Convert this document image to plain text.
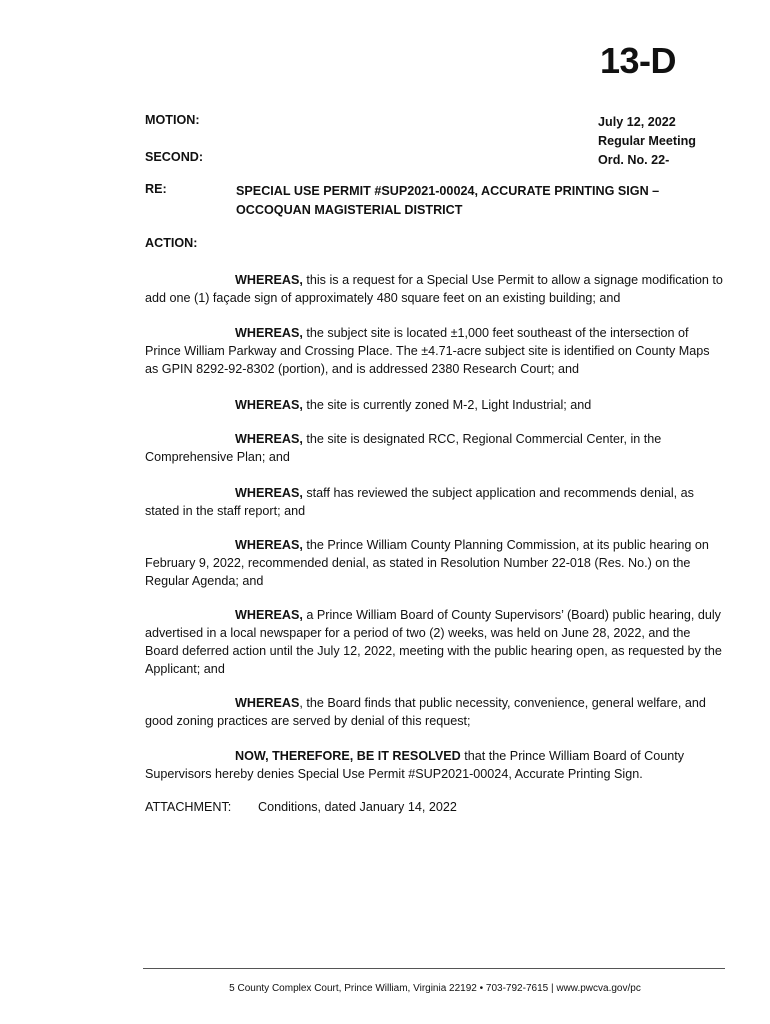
13-D
MOTION:
SECOND:
July 12, 2022
Regular Meeting
Ord. No. 22-
RE:	SPECIAL USE PERMIT #SUP2021-00024, ACCURATE PRINTING SIGN –
OCCOQUAN MAGISTERIAL DISTRICT
ACTION:
WHEREAS, this is a request for a Special Use Permit to allow a signage modification to add one (1) façade sign of approximately 480 square feet on an existing building; and
WHEREAS, the subject site is located ±1,000 feet southeast of the intersection of Prince William Parkway and Crossing Place. The ±4.71-acre subject site is identified on County Maps as GPIN 8292-92-8302 (portion), and is addressed 2380 Research Court; and
WHEREAS, the site is currently zoned M-2, Light Industrial; and
WHEREAS, the site is designated RCC, Regional Commercial Center, in the Comprehensive Plan; and
WHEREAS, staff has reviewed the subject application and recommends denial, as stated in the staff report; and
WHEREAS, the Prince William County Planning Commission, at its public hearing on February 9, 2022, recommended denial, as stated in Resolution Number 22-018 (Res. No.) on the Regular Agenda; and
WHEREAS, a Prince William Board of County Supervisors’ (Board) public hearing, duly advertised in a local newspaper for a period of two (2) weeks, was held on June 28, 2022, and the Board deferred action until the July 12, 2022, meeting with the public hearing open, as requested by the Applicant; and
WHEREAS, the Board finds that public necessity, convenience, general welfare, and good zoning practices are served by denial of this request;
NOW, THEREFORE, BE IT RESOLVED that the Prince William Board of County Supervisors hereby denies Special Use Permit #SUP2021-00024, Accurate Printing Sign.
ATTACHMENT: Conditions, dated January 14, 2022
5 County Complex Court, Prince William, Virginia 22192 • 703-792-7615 | www.pwcva.gov/pc
